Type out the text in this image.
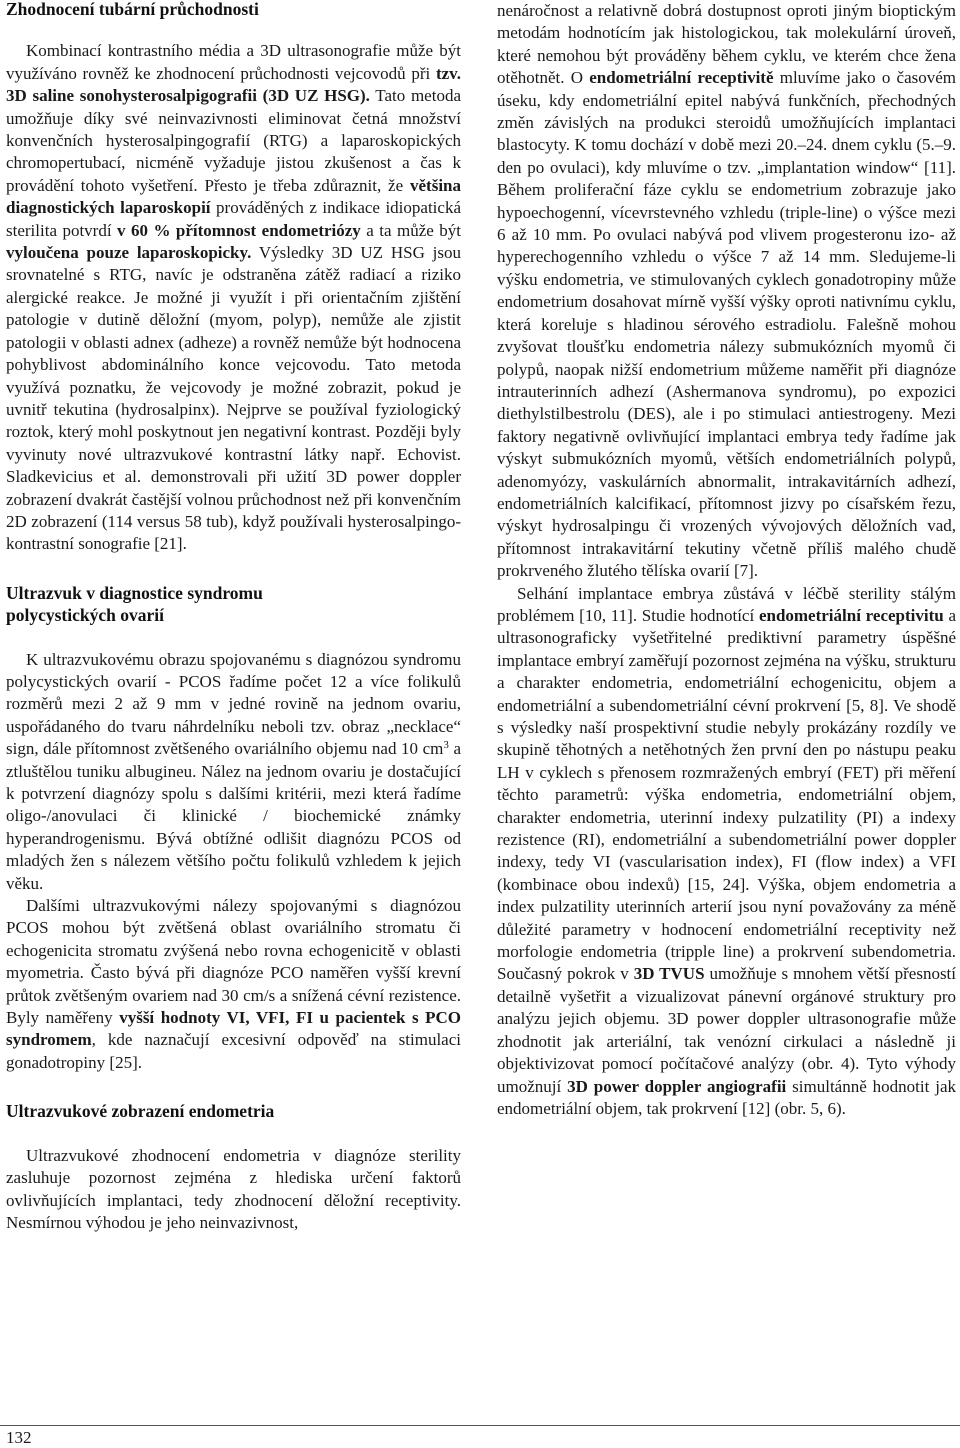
Zhodnocení tubární průchodnosti

Kombinací kontrastního média a 3D ultrasonografie může být využíváno rovněž ke zhodnocení průchodnosti vejcovodů při tzv. 3D saline sonohysterosalpigografii (3D UZ HSG). Tato metoda umožňuje díky své neinvazivnosti eliminovat četná množství konvenčních hysterosalpingografií (RTG) a laparoskopických chromopertubací, nicméně vyžaduje jistou zkušenost a čas k provádění tohoto vyšetření. Přesto je třeba zdůraznit, že většina diagnostických laparoskopií prováděných z indikace idiopatická sterilita potvrdí v 60 % přítomnost endometriózy a ta může být vyloučena pouze laparoskopicky. Výsledky 3D UZ HSG jsou srovnatelné s RTG, navíc je odstraněna zátěž radiací a riziko alergické reakce. Je možné ji využít i při orientačním zjištění patologie v dutině děložní (myom, polyp), nemůže ale zjistit patologii v oblasti adnex (adheze) a rovněž nemůže být hodnocena pohyblivost abdominálního konce vejcovodu. Tato metoda využívá poznatku, že vejcovody je možné zobrazit, pokud je uvnitř tekutina (hydrosalpinx). Nejprve se používal fyziologický roztok, který mohl poskytnout jen negativní kontrast. Později byly vyvinuty nové ultrazvukové kontrastní látky např. Echovist. Sladkevicius et al. demonstrovali při užití 3D power doppler zobrazení dvakrát častější volnou průchodnost než při konvenčním 2D zobrazení (114 versus 58 tub), když používali hysterosalpingo-kontrastní sonografie [21].

Ultrazvuk v diagnostice syndromu
polycystických ovarií

K ultrazvukovému obrazu spojovanému s diagnózou syndromu polycystických ovarií - PCOS řadíme počet 12 a více folikulů rozměrů mezi 2 až 9 mm v jedné rovině na jednom ovariu, uspořádaného do tvaru náhrdelníku neboli tzv. obraz „necklace“ sign, dále přítomnost zvětšeného ovariálního objemu nad 10 $cm^3$ a ztluštělou tuniku albugineu. Nález na jednom ovariu je dostačující k potvrzení diagnózy spolu s dalšími kritérii, mezi která řadíme oligo-/anovulaci či klinické / biochemické známky hyperandrogenismu. Bývá obtížné odlišit diagnózu PCOS od mladých žen s nálezem většího počtu folikulů vzhledem k jejich věku.

Dalšími ultrazvukovými nálezy spojovanými s diagnózou PCOS mohou být zvětšená oblast ovariálního stromatu či echogenicita stromatu zvýšená nebo rovna echogenicitě v oblasti myometria. Často bývá při diagnóze PCO naměřen vyšší krevní průtok zvětšeným ovariem nad 30 cm/s a snížená cévní rezistence. Byly naměřeny vyšší hodnoty VI, VFI, FI u pacientek s PCO syndromem, kde naznačují excesivní odpověď na stimulaci gonadotropiny [25].

Ultrazvukové zobrazení endometria

Ultrazvukové zhodnocení endometria v diagnóze sterility zasluhuje pozornost zejména z hlediska určení faktorů ovlivňujících implantaci, tedy zhodnocení děložní receptivity. Nesmírnou výhodou je jeho neinvazivnost,

nenáročnost a relativně dobrá dostupnost oproti jiným bioptickým metodám hodnotícím jak histologickou, tak molekulární úroveň, které nemohou být prováděny během cyklu, ve kterém chce žena otěhotnět. O endometriální receptivitě mluvíme jako o časovém úseku, kdy endometriální epitel nabývá funkčních, přechodných změn závislých na produkci steroidů umožňujících implantaci blastocyty. K tomu dochází v době mezi 20.–24. dnem cyklu (5.–9. den po ovulaci), kdy mluvíme o tzv. „implantation window“ [11]. Během proliferační fáze cyklu se endometrium zobrazuje jako hypoechogenní, vícevrstevného vzhledu (triple-line) o výšce mezi 6 až 10 mm. Po ovulaci nabývá pod vlivem progesteronu izo- až hyperechogenního vzhledu o výšce 7 až 14 mm. Sledujeme-li výšku endometria, ve stimulovaných cyklech gonadotropiny může endometrium dosahovat mírně vyšší výšky oproti nativnímu cyklu, která koreluje s hladinou sérového estradiolu. Falešně mohou zvyšovat tloušťku endometria nálezy submukózních myomů či polypů, naopak nižší endometrium můžeme naměřit při diagnóze intrauterinních adhezí (Ashermanova syndromu), po expozici diethylstilbestrolu (DES), ale i po stimulaci antiestrogeny. Mezi faktory negativně ovlivňující implantaci embrya tedy řadíme jak výskyt submukózních myomů, větších endometriálních polypů, adenomyózy, vaskulárních abnormalit, intrakavitárních adhezí, endometriálních kalcifikací, přítomnost jizvy po císařském řezu, výskyt hydrosalpingu či vrozených vývojových děložních vad, přítomnost intrakavitární tekutiny včetně příliš malého chudě prokrveného žlutého tělíska ovarií [7].

Selhání implantace embrya zůstává v léčbě sterility stálým problémem [10, 11]. Studie hodnotící endometriální receptivitu a ultrasonograficky vyšetřitelné prediktivní parametry úspěšné implantace embryí zaměřují pozornost zejména na výšku, strukturu a charakter endometria, endometriální echogenicitu, objem a endometriální a subendometriální cévní prokrvení [5, 8]. Ve shodě s výsledky naší prospektivní studie nebyly prokázány rozdíly ve skupině těhotných a netěhotných žen první den po nástupu peaku LH v cyklech s přenosem rozmražených embryí (FET) při měření těchto parametrů: výška endometria, endometriální objem, charakter endometria, uterinní indexy pulzatility (PI) a indexy rezistence (RI), endometriální a subendometriální power doppler indexy, tedy VI (vascularisation index), FI (flow index) a VFI (kombinace obou indexů) [15, 24]. Výška, objem endometria a index pulzatility uterinních arterií jsou nyní považovány za méně důležité parametry v hodnocení endometriální receptivity než morfologie endometria (tripple line) a prokrvení subendometria. Současný pokrok v 3D TVUS umožňuje s mnohem větší přesností detailně vyšetřit a vizualizovat pánevní orgánové struktury pro analýzu jejich objemu. 3D power doppler ultrasonografie může zhodnotit jak arteriální, tak venózní cirkulaci a následně ji objektivizovat pomocí počítačové analýzy (obr. 4). Tyto výhody umožnují 3D power doppler angiografii simultánně hodnotit jak endometriální objem, tak prokrvení [12] (obr. 5, 6).

132
